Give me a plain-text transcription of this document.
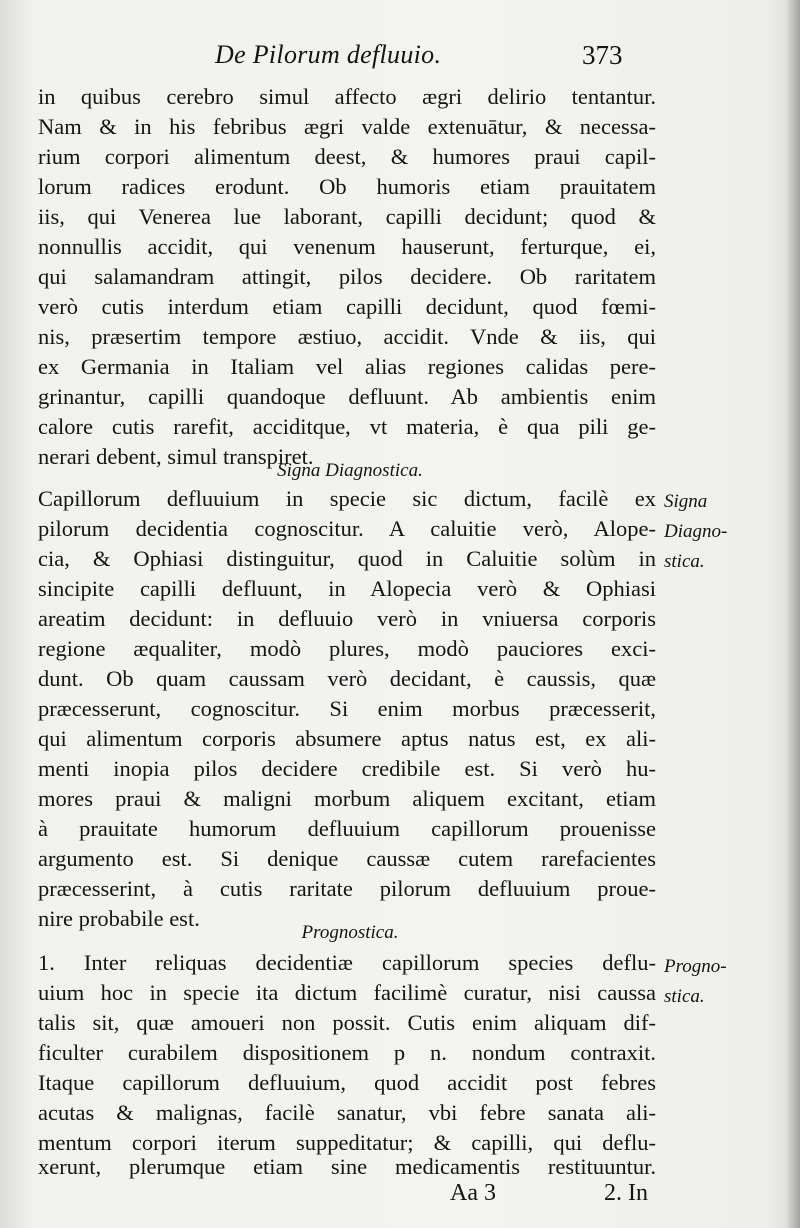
De Pilorum defluuio.	373
in quibus cerebro simul affecto ægri delirio tentantur.
Nam & in his febribus ægri valde extenuātur, & necessa-
rium corpori alimentum deest, & humores praui capil-
lorum radices erodunt. Ob humoris etiam prauitatem
iis, qui Venerea lue laborant, capilli decidunt; quod &
nonnullis accidit, qui venenum hauserunt, ferturque, ei,
qui salamandram attingit, pilos decidere. Ob raritatem
verò cutis interdum etiam capilli decidunt, quod fœmi-
nis, præsertim tempore æstiuo, accidit. Vnde & iis, qui
ex Germania in Italiam vel alias regiones calidas pere-
grinantur, capilli quandoque defluunt. Ab ambientis enim
calore cutis rarefit, acciditque, vt materia, è qua pili ge-
nerari debent, simul transpiret.
Signa Diagnostica.
Signa
Diagno-
stica.
Capillorum defluuium in specie sic dictum, facilè ex
pilorum decidentia cognoscitur. A caluitie verò, Alope-
cia, & Ophiasi distinguitur, quod in Caluitie solùm in
sincipite capilli defluunt, in Alopecia verò & Ophiasi
areatim decidunt: in defluuio verò in vniuersa corporis
regione æqualiter, modò plures, modò pauciores exci-
dunt. Ob quam caussam verò decidant, è caussis, quæ
præcesserunt, cognoscitur. Si enim morbus præcesserit,
qui alimentum corporis absumere aptus natus est, ex ali-
menti inopia pilos decidere credibile est. Si verò hu-
mores praui & maligni morbum aliquem excitant, etiam
à prauitate humorum defluuium capillorum prouenisse
argumento est. Si denique caussæ cutem rarefacientes
præcesserint, à cutis raritate pilorum defluuium proue-
nire probabile est.
Prognostica.
Progno-
stica.
1. Inter reliquas decidentiæ capillorum species deflu-
uium hoc in specie ita dictum facilimè curatur, nisi caussa
talis sit, quæ amoueri non possit. Cutis enim aliquam dif-
ficulter curabilem dispositionem p n. nondum contraxit.
Itaque capillorum defluuium, quod accidit post febres
acutas & malignas, facilè sanatur, vbi febre sanata ali-
mentum corpori iterum suppeditatur; & capilli, qui deflu-
xerunt, plerumque etiam sine medicamentis restituuntur.
Aa 3	2. In
